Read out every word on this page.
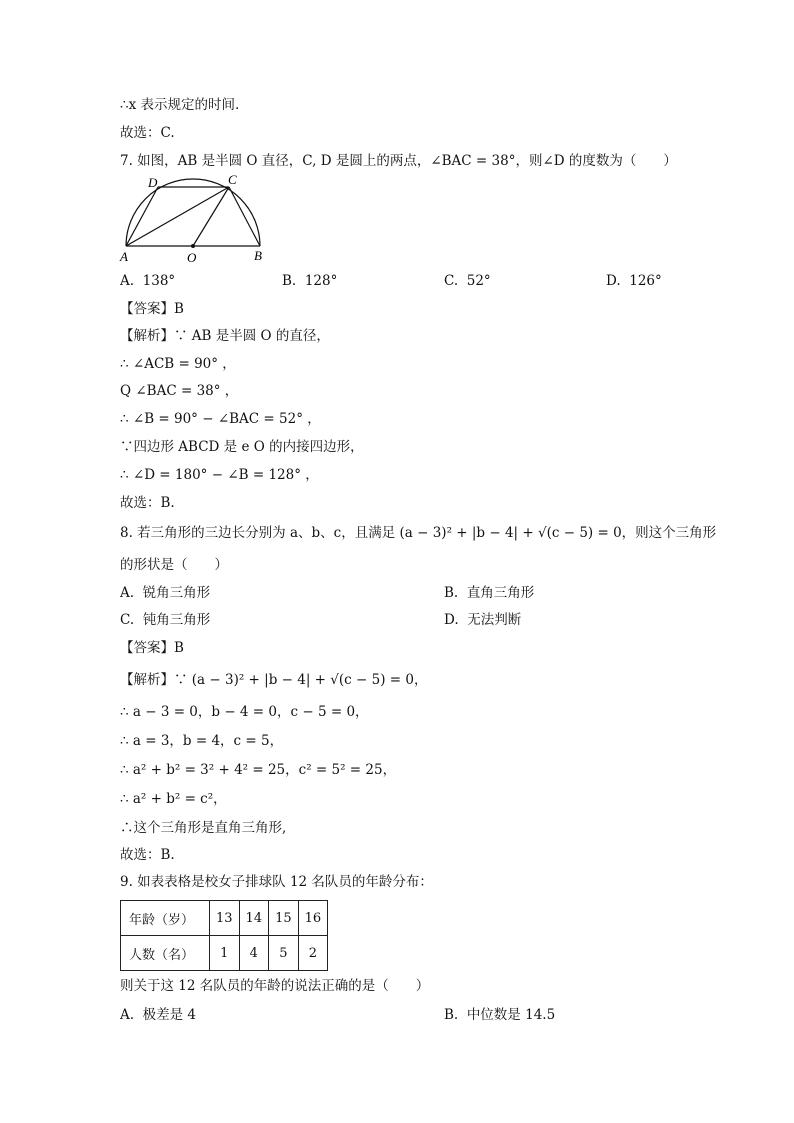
∴x 表示规定的时间.
故选：C.
7. 如图，AB 是半圆 O 直径，C, D 是圆上的两点，∠BAC = 38°，则∠D 的度数为（　　）
D	C
A	O	B
A. 138°	B. 128°	C. 52°	D. 126°
【答案】B
【解析】∵ AB 是半圆 O 的直径，
∴ ∠ACB = 90° ，
Q ∠BAC = 38° ，
∴ ∠B = 90° − ∠BAC = 52° ，
∵四边形 ABCD 是 e O 的内接四边形，
∴ ∠D = 180° − ∠B = 128° ，
故选：B.
8. 若三角形的三边长分别为 a、b、c，且满足 (a − 3)² + |b − 4| + √(c − 5) = 0，则这个三角形
的形状是（　　）
A. 锐角三角形	B. 直角三角形
C. 钝角三角形	D. 无法判断
【答案】B
【解析】∵ (a − 3)² + |b − 4| + √(c − 5) = 0，
∴ a − 3 = 0，b − 4 = 0，c − 5 = 0，
∴ a = 3，b = 4，c = 5，
∴ a² + b² = 3² + 4² = 25，c² = 5² = 25，
∴ a² + b² = c²，
∴这个三角形是直角三角形,
故选：B.
9. 如表表格是校女子排球队 12 名队员的年龄分布：
年龄（岁）	13	14	15	16
人数（名）	1	4	5	2
则关于这 12 名队员的年龄的说法正确的是（　　）
A. 极差是 4	B. 中位数是 14.5
